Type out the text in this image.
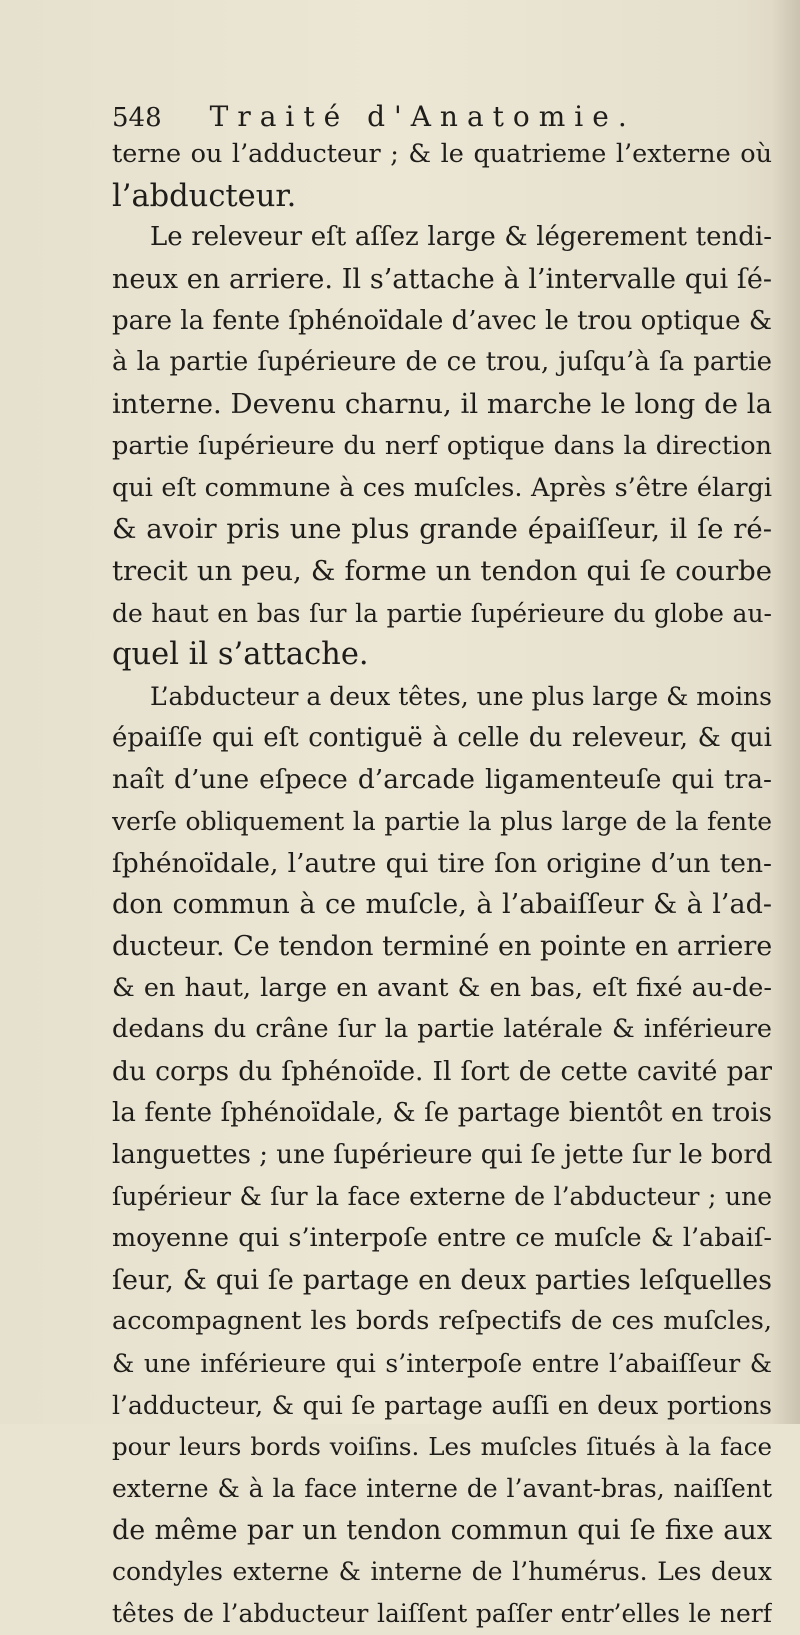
548 Traité d'Anatomie.
terne ou l’adducteur ; & le quatrieme l’externe où
l’abducteur.
Le releveur eſt aſſez large & légerement tendi-
neux en arriere. Il s’attache à l’intervalle qui ſé-
pare la fente ſphénoïdale d’avec le trou optique &
à la partie ſupérieure de ce trou, juſqu’à ſa partie
interne. Devenu charnu, il marche le long de la
partie ſupérieure du nerf optique dans la direction
qui eſt commune à ces muſcles. Après s’être élargi
& avoir pris une plus grande épaiſſeur, il ſe ré-
trecit un peu, & forme un tendon qui ſe courbe
de haut en bas ſur la partie ſupérieure du globe au-
quel il s’attache.
L’abducteur a deux têtes, une plus large & moins
épaiſſe qui eſt contiguë à celle du releveur, & qui
naît d’une eſpece d’arcade ligamenteuſe qui tra-
verſe obliquement la partie la plus large de la fente
ſphénoïdale, l’autre qui tire ſon origine d’un ten-
don commun à ce muſcle, à l’abaiſſeur & à l’ad-
ducteur. Ce tendon terminé en pointe en arriere
& en haut, large en avant & en bas, eſt fixé au-de-
dedans du crâne ſur la partie latérale & inférieure
du corps du ſphénoïde. Il ſort de cette cavité par
la fente ſphénoïdale, & ſe partage bientôt en trois
languettes ; une ſupérieure qui ſe jette ſur le bord
ſupérieur & ſur la face externe de l’abducteur ; une
moyenne qui s’interpoſe entre ce muſcle & l’abaiſ-
ſeur, & qui ſe partage en deux parties leſquelles
accompagnent les bords reſpectifs de ces muſcles,
& une inférieure qui s’interpoſe entre l’abaiſſeur &
l’adducteur, & qui ſe partage auſſi en deux portions
pour leurs bords voiſins. Les muſcles ſitués à la face
externe & à la face interne de l’avant-bras, naiſſent
de même par un tendon commun qui ſe fixe aux
condyles externe & interne de l’humérus. Les deux
têtes de l’abducteur laiſſent paſſer entr’elles le nerf
